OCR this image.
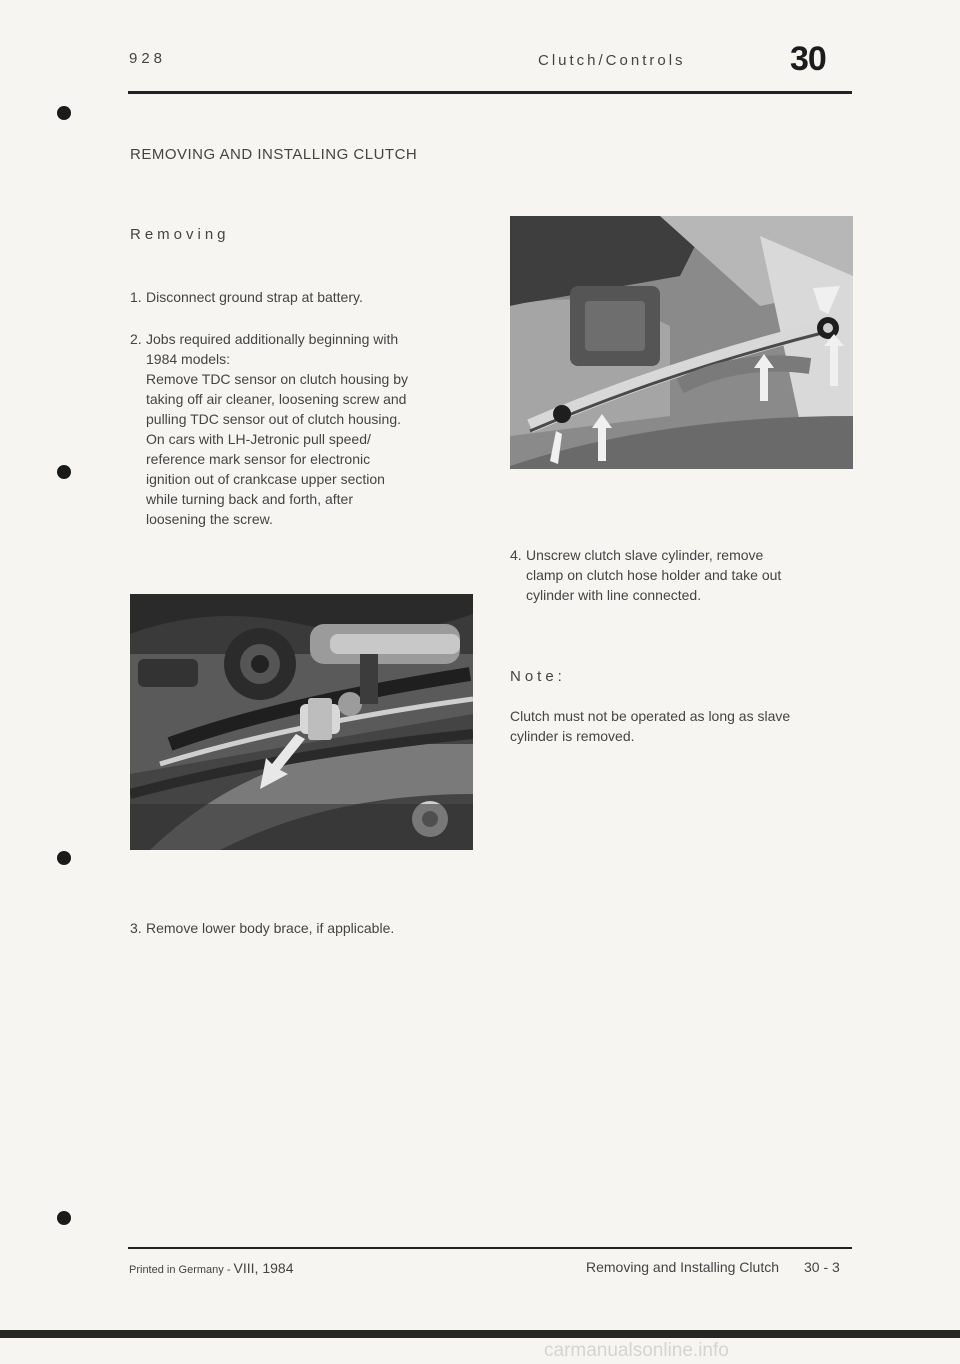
928	Clutch/Controls	30
REMOVING AND INSTALLING CLUTCH
Removing
1. Disconnect ground strap at battery.
2. Jobs required additionally beginning with
1984 models:
Remove TDC sensor on clutch housing by
taking off air cleaner, loosening screw and
pulling TDC sensor out of clutch housing.
On cars with LH-Jetronic pull speed/
reference mark sensor for electronic
ignition out of crankcase upper section
while turning back and forth, after
loosening the screw.
3. Remove lower body brace, if applicable.
4. Unscrew clutch slave cylinder, remove
clamp on clutch hose holder and take out
cylinder with line connected.
Note:
Clutch must not be operated as long as slave
cylinder is removed.
Printed in Germany - VIII, 1984	Removing and Installing Clutch 30 - 3
carmanualsonline.info
